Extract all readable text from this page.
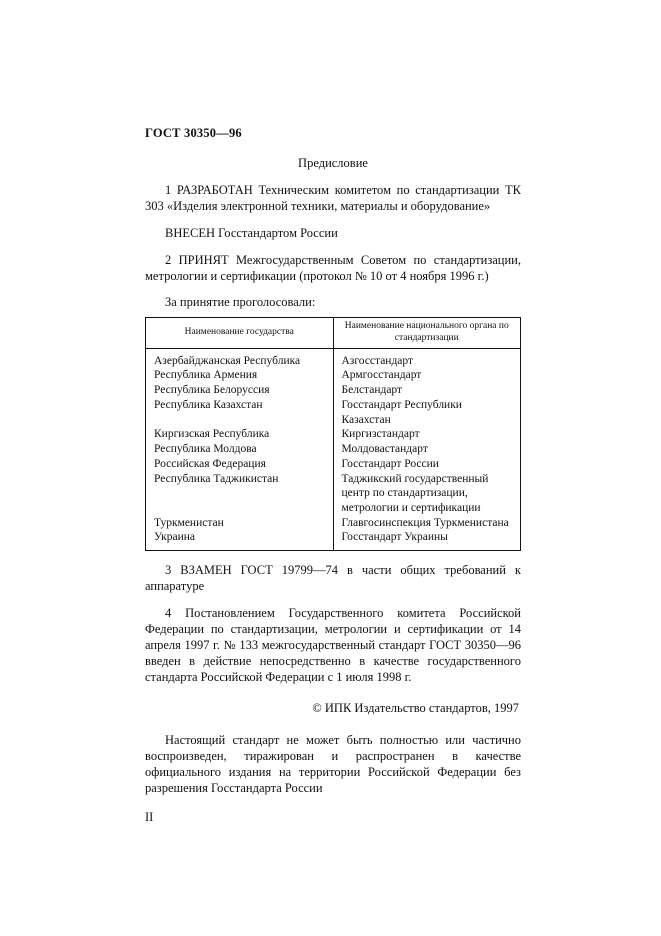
ГОСТ 30350—96
Предисловие

1 РАЗРАБОТАН Техническим комитетом по стандартизации ТК 303 «Изделия электронной техники, материалы и оборудование»

ВНЕСЕН Госстандартом России

2 ПРИНЯТ Межгосударственным Советом по стандартизации, метрологии и сертификации (протокол № 10 от 4 ноября 1996 г.)

За принятие проголосовали:
Наименование государства	Наименование национального органа по стандартизации
Азербайджанская Республика	Азгосстандарт
Республика Армения	Армгосстандарт
Республика Белоруссия	Белстандарт
Республика Казахстан	Госстандарт Республики Казахстан
Киргизская Республика	Киргизстандарт
Республика Молдова	Молдовастандарт
Российская Федерация	Госстандарт России
Республика Таджикистан	Таджикский государственный центр по стандартизации, метрологии и сертификации
Туркменистан	Главгосинспекция Туркменистана
Украина	Госстандарт Украины

3 ВЗАМЕН ГОСТ 19799—74 в части общих требований к аппаратуре

4 Постановлением Государственного комитета Российской Федерации по стандартизации, метрологии и сертификации от 14 апреля 1997 г. № 133 межгосударственный стандарт ГОСТ 30350—96 введен в действие непосредственно в качестве государственного стандарта Российской Федерации с 1 июля 1998 г.

© ИПК Издательство стандартов, 1997

Настоящий стандарт не может быть полностью или частично воспроизведен, тиражирован и распространен в качестве официального издания на территории Российской Федерации без разрешения Госстандарта России

II
